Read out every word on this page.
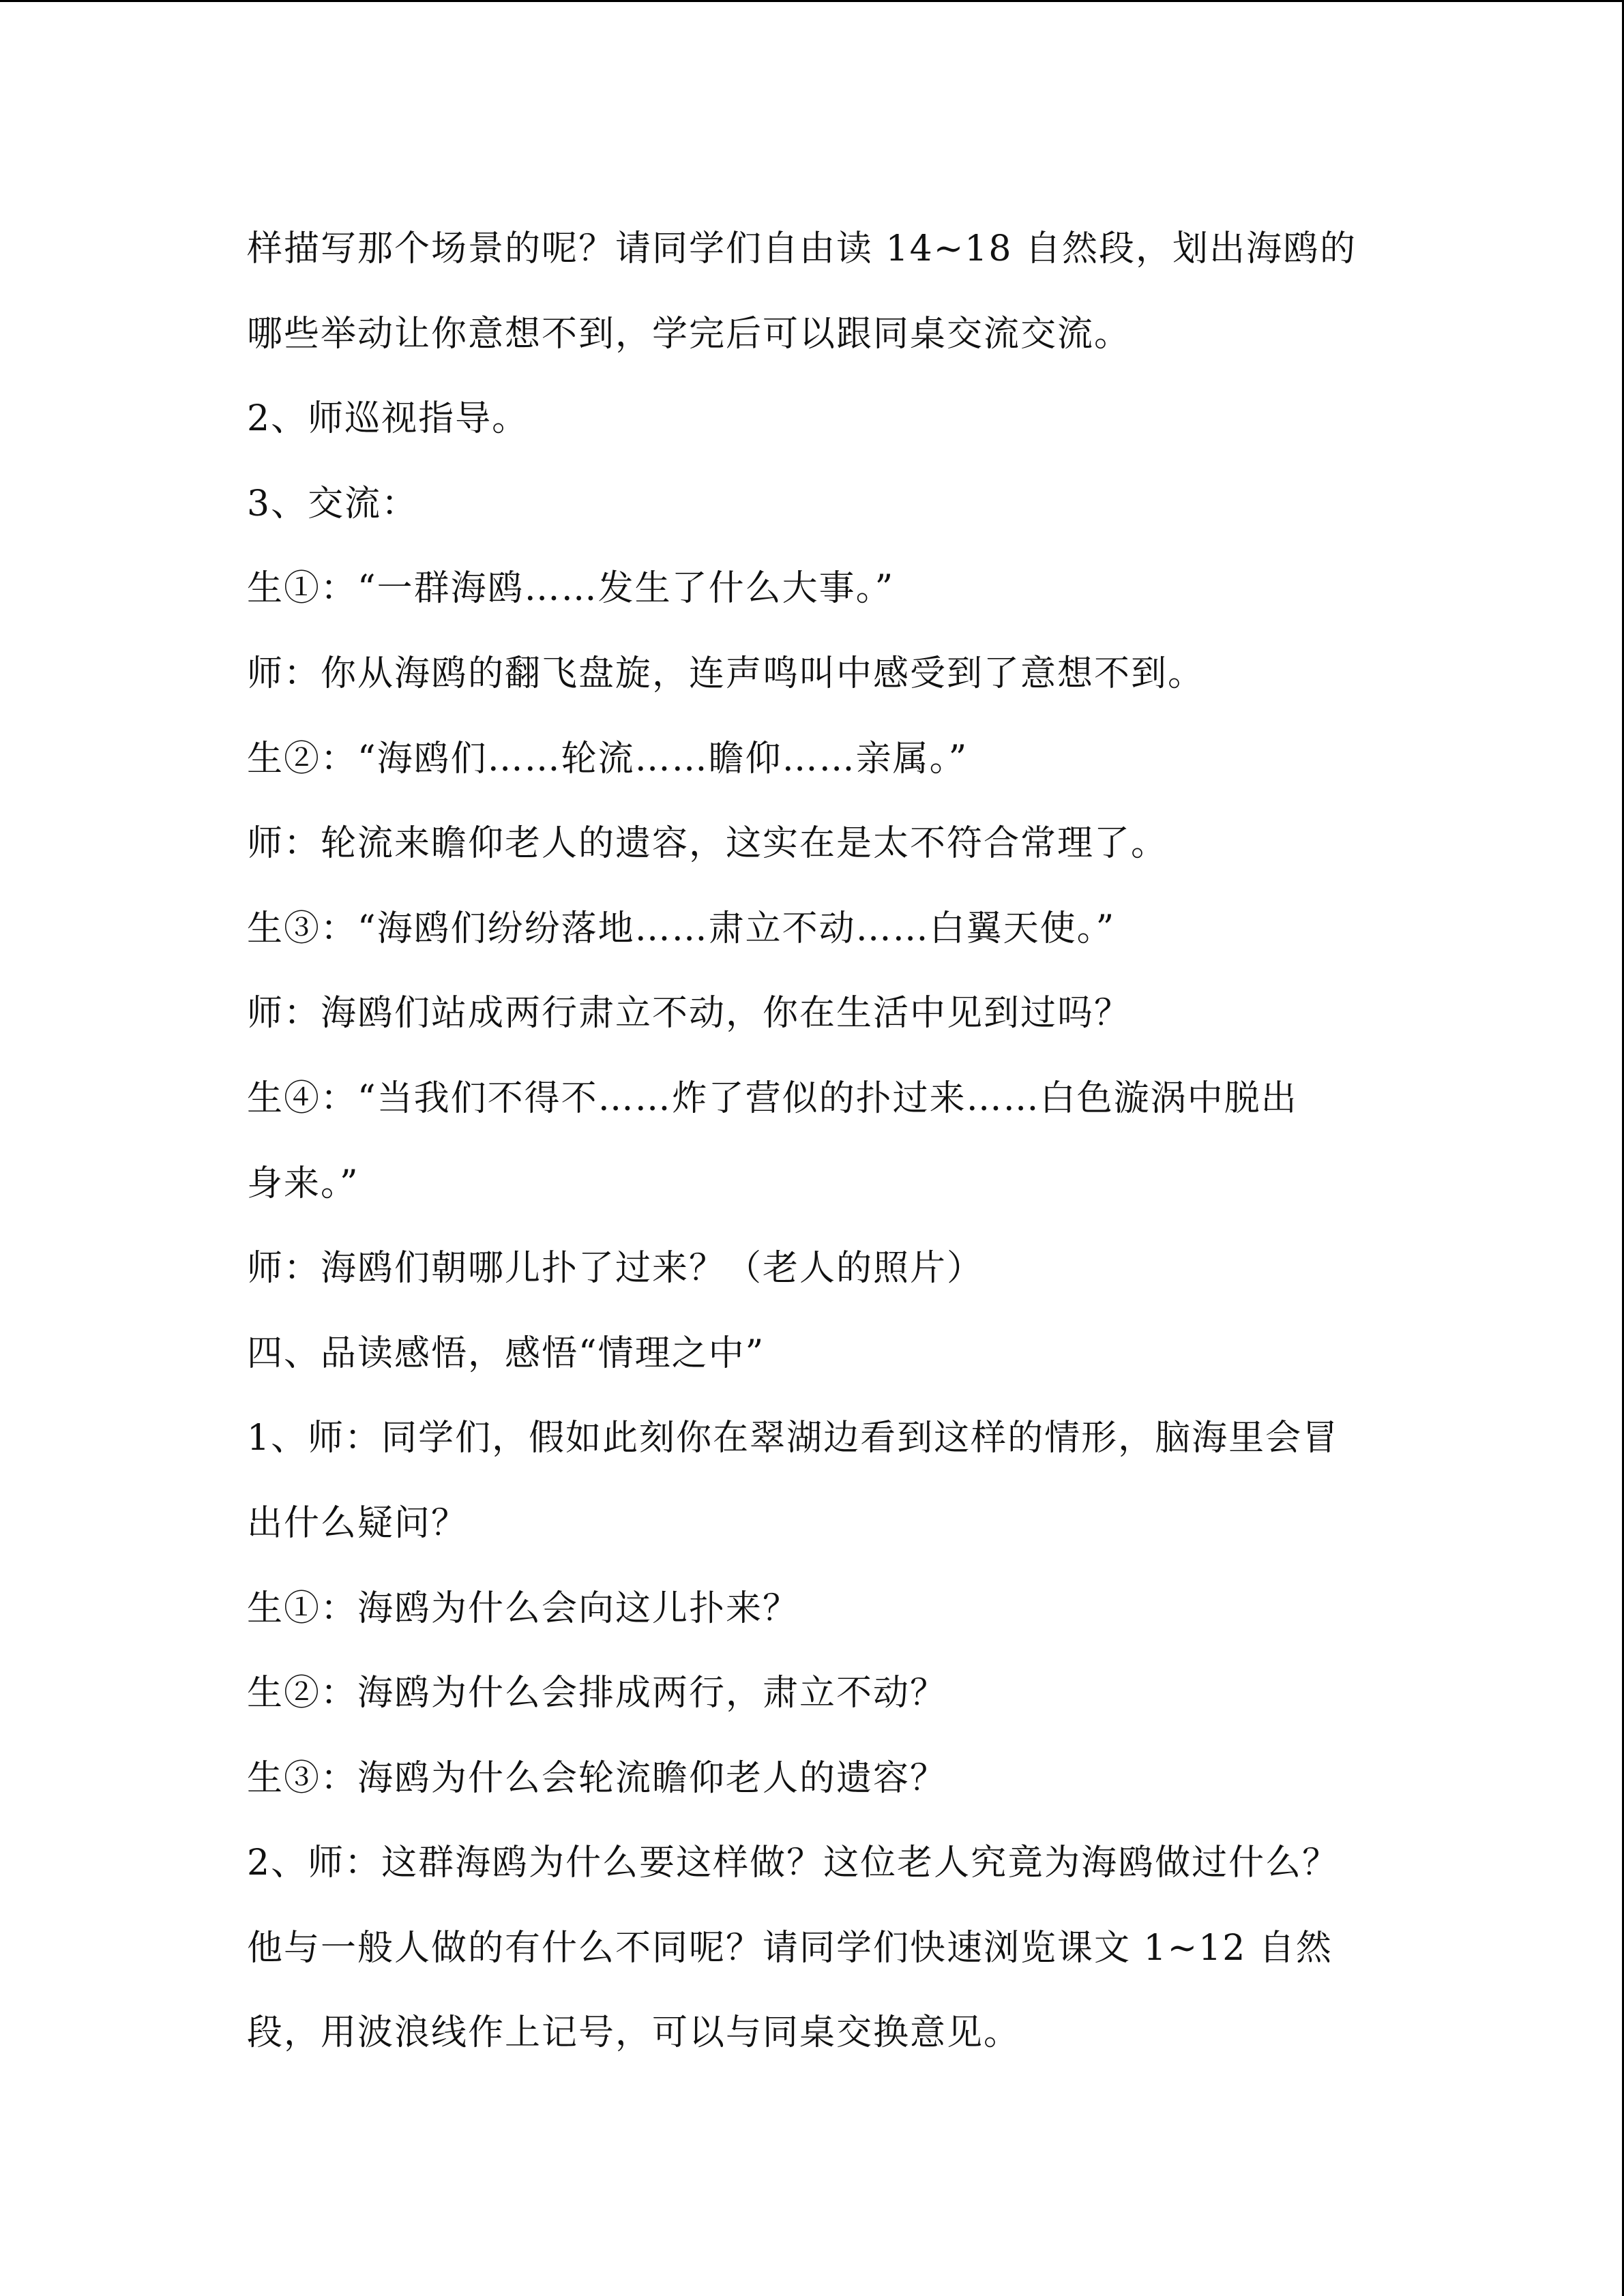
样描写那个场景的呢？请同学们自由读 14~18 自然段，划出海鸥的
哪些举动让你意想不到，学完后可以跟同桌交流交流。
2、师巡视指导。
3、交流：
生①：“一群海鸥……发生了什么大事。”
师：你从海鸥的翻飞盘旋，连声鸣叫中感受到了意想不到。
生②：“海鸥们……轮流……瞻仰……亲属。”
师：轮流来瞻仰老人的遗容，这实在是太不符合常理了。
生③：“海鸥们纷纷落地……肃立不动……白翼天使。”
师：海鸥们站成两行肃立不动，你在生活中见到过吗？
生④：“当我们不得不……炸了营似的扑过来……白色漩涡中脱出
身来。”
师：海鸥们朝哪儿扑了过来？（老人的照片）
四、品读感悟，感悟“情理之中”
1、师：同学们，假如此刻你在翠湖边看到这样的情形，脑海里会冒
出什么疑问？
生①：海鸥为什么会向这儿扑来？
生②：海鸥为什么会排成两行，肃立不动？
生③：海鸥为什么会轮流瞻仰老人的遗容？
2、师：这群海鸥为什么要这样做？这位老人究竟为海鸥做过什么？
他与一般人做的有什么不同呢？请同学们快速浏览课文 1~12 自然
段，用波浪线作上记号，可以与同桌交换意见。
